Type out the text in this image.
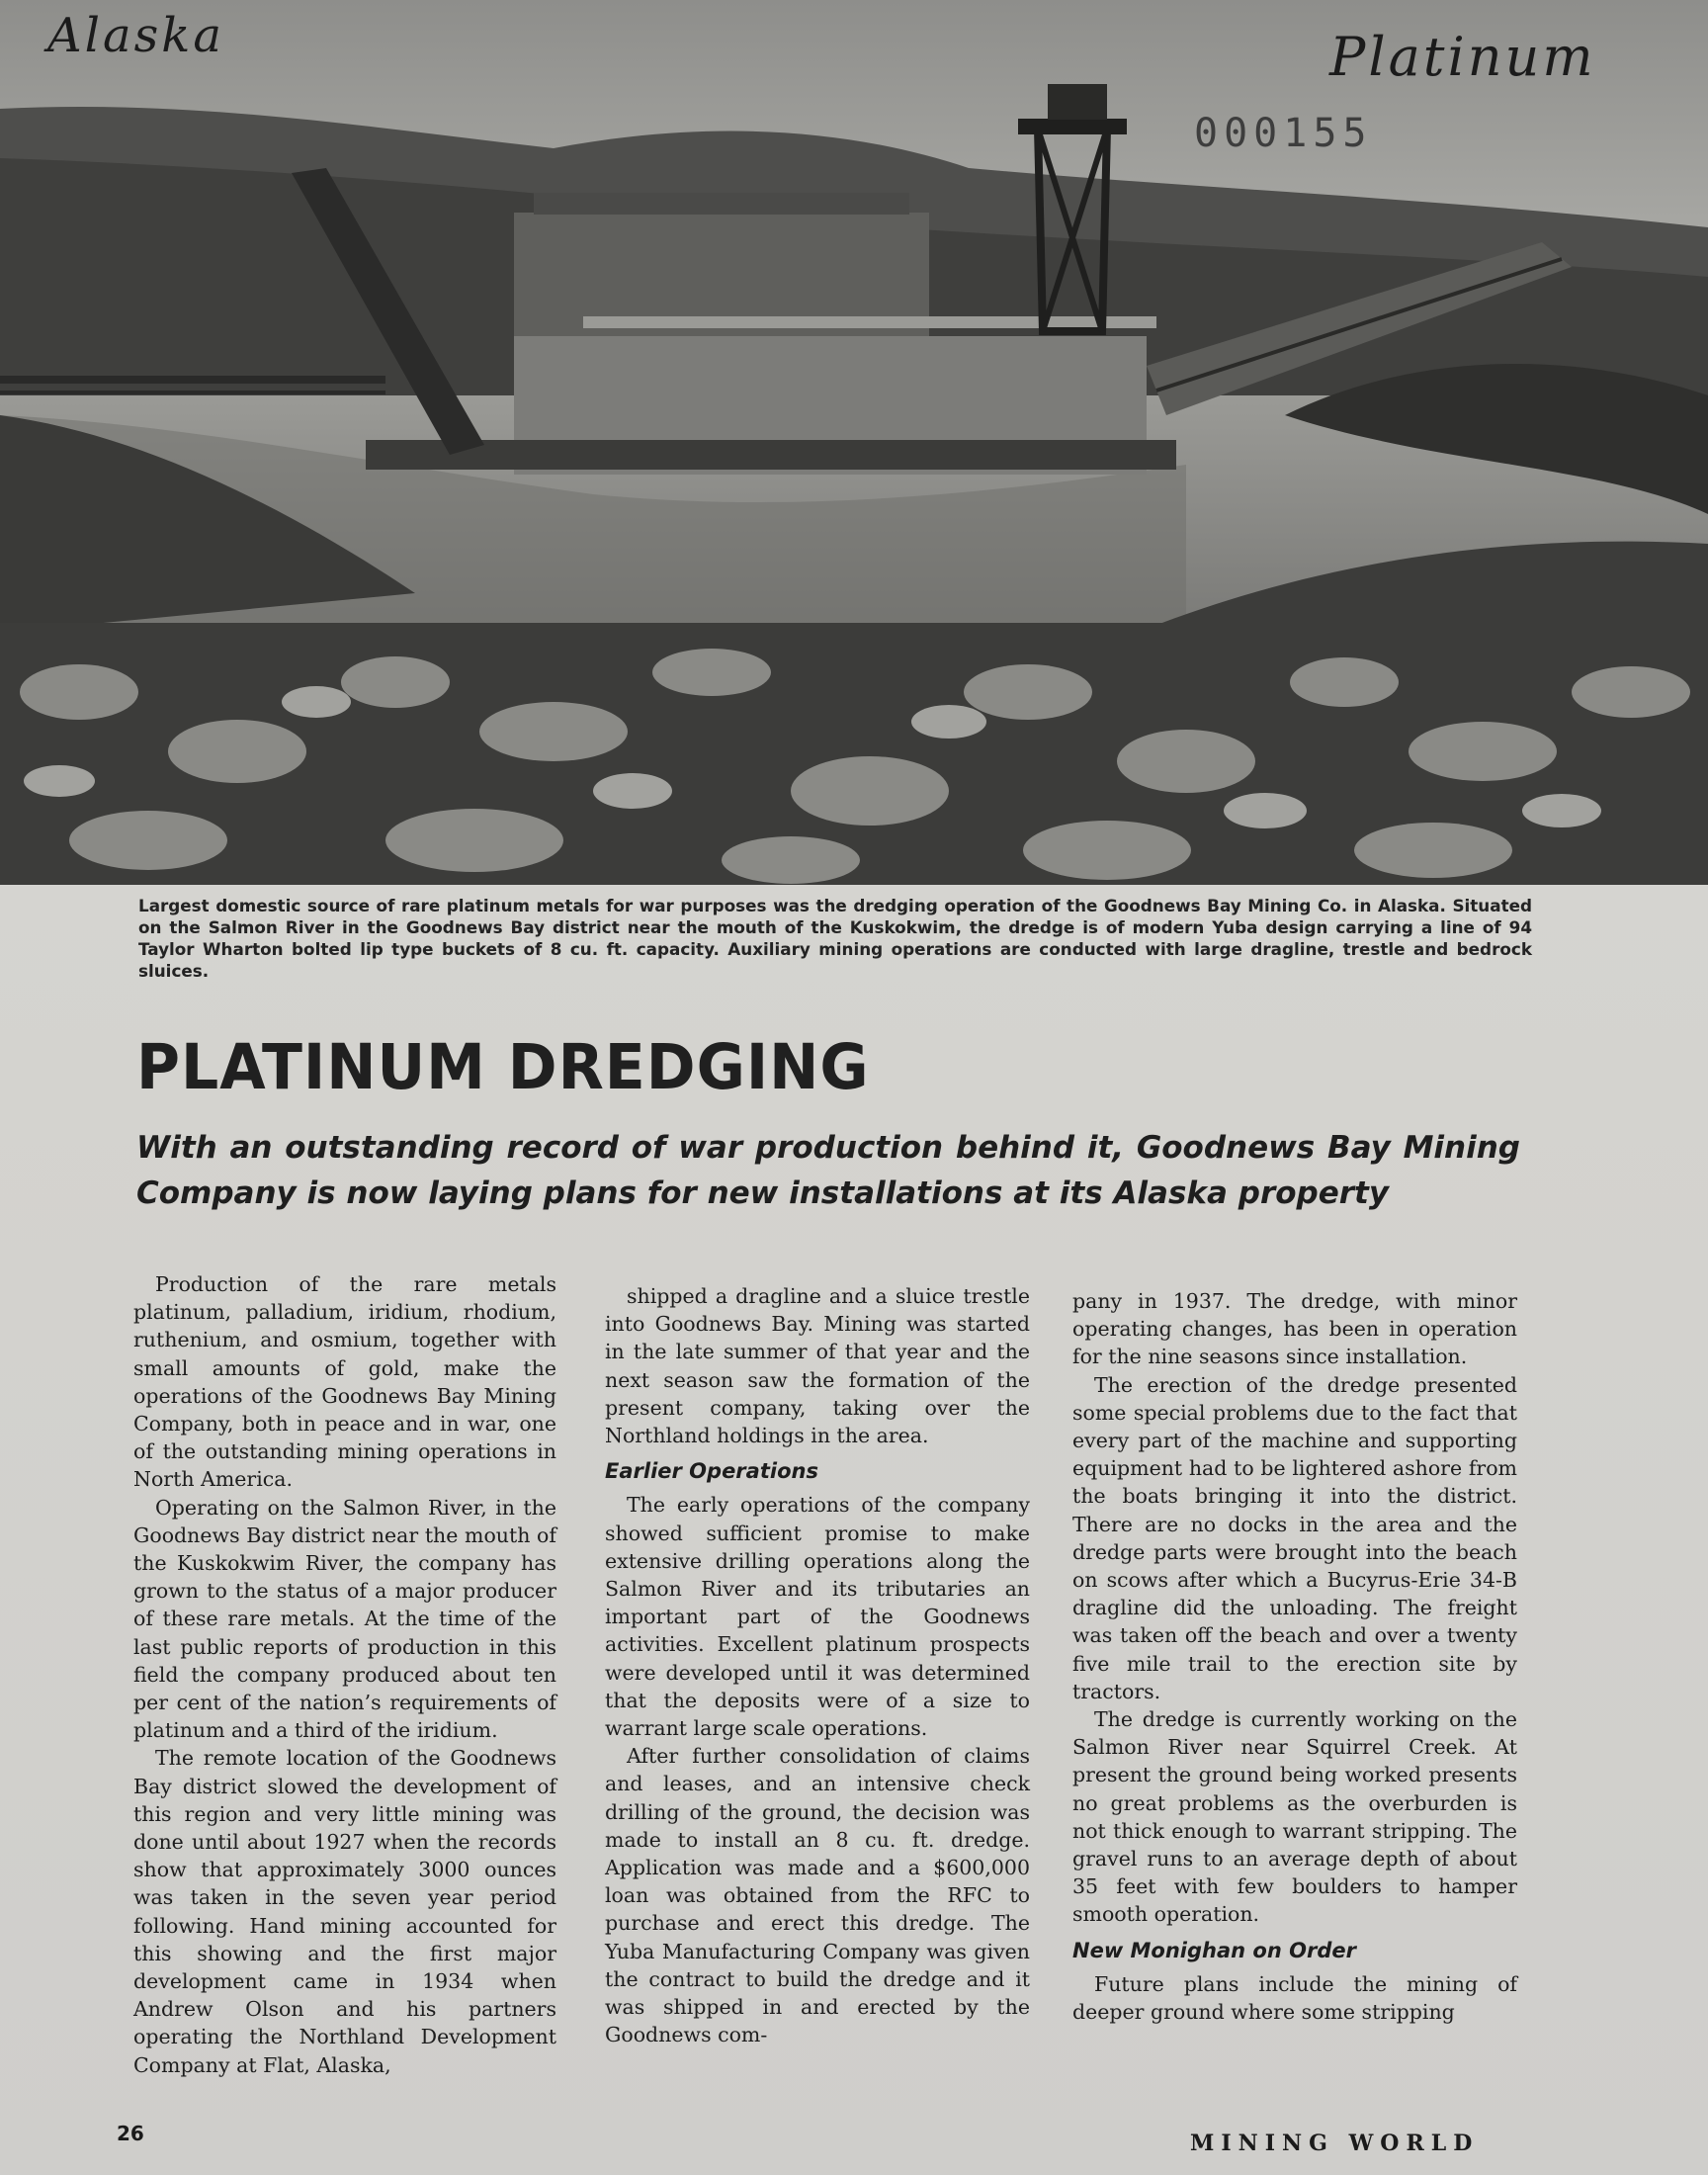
Alaska	Platinum
000155
Largest domestic source of rare platinum metals for war purposes was the dredging operation of the Goodnews Bay Mining Co. in Alaska. Situated on the Salmon River in the Goodnews Bay district near the mouth of the Kuskokwim, the dredge is of modern Yuba design carrying a line of 94 Taylor Wharton bolted lip type buckets of 8 cu. ft. capacity. Auxiliary mining operations are conducted with large dragline, trestle and bedrock sluices.
PLATINUM DREDGING
With an outstanding record of war production behind it, Goodnews Bay Mining Company is now laying plans for new installations at its Alaska property

Production of the rare metals platinum, palladium, iridium, rhodium, ruthenium, and osmium, together with small amounts of gold, make the operations of the Goodnews Bay Mining Company, both in peace and in war, one of the outstanding mining operations in North America.

Operating on the Salmon River, in the Goodnews Bay district near the mouth of the Kuskokwim River, the company has grown to the status of a major producer of these rare metals. At the time of the last public reports of production in this field the company produced about ten per cent of the nation’s requirements of platinum and a third of the iridium.

The remote location of the Goodnews Bay district slowed the development of this region and very little mining was done until about 1927 when the records show that approximately 3000 ounces was taken in the seven year period following. Hand mining accounted for this showing and the first major development came in 1934 when Andrew Olson and his partners operating the Northland Development Company at Flat, Alaska,

shipped a dragline and a sluice trestle into Goodnews Bay. Mining was started in the late summer of that year and the next season saw the formation of the present company, taking over the Northland holdings in the area.

Earlier Operations

The early operations of the company showed sufficient promise to make extensive drilling operations along the Salmon River and its tributaries an important part of the Goodnews activities. Excellent platinum prospects were developed until it was determined that the deposits were of a size to warrant large scale operations.

After further consolidation of claims and leases, and an intensive check drilling of the ground, the decision was made to install an 8 cu. ft. dredge. Application was made and a $600,000 loan was obtained from the RFC to purchase and erect this dredge. The Yuba Manufacturing Company was given the contract to build the dredge and it was shipped in and erected by the Goodnews com-

pany in 1937. The dredge, with minor operating changes, has been in operation for the nine seasons since installation.

The erection of the dredge presented some special problems due to the fact that every part of the machine and supporting equipment had to be lightered ashore from the boats bringing it into the district. There are no docks in the area and the dredge parts were brought into the beach on scows after which a Bucyrus-Erie 34-B dragline did the unloading. The freight was taken off the beach and over a twenty five mile trail to the erection site by tractors.

The dredge is currently working on the Salmon River near Squirrel Creek. At present the ground being worked presents no great problems as the overburden is not thick enough to warrant stripping. The gravel runs to an average depth of about 35 feet with few boulders to hamper smooth operation.

New Monighan on Order

Future plans include the mining of deeper ground where some stripping

26	MINING WORLD
